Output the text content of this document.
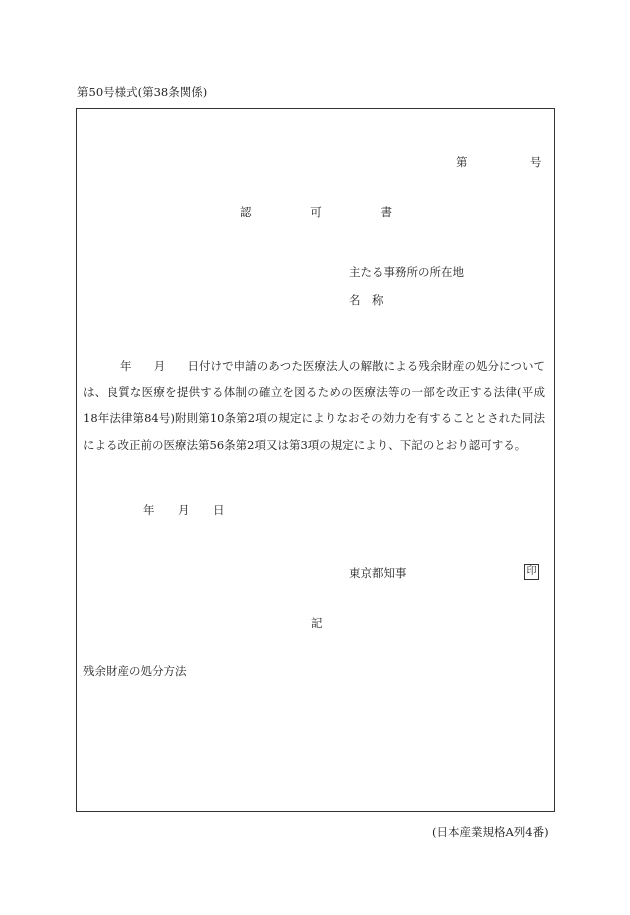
第50号様式(第38条関係)
第	号
認	可	書
主たる事務所の所在地
名　称
年 月 日付けで申請のあつた医療法人の解散による残余財産の処分については、良質な医療を提供する体制の確立を図るための医療法等の一部を改正する法律(平成18年法律第84号)附則第10条第2項の規定によりなおその効力を有することとされた同法による改正前の医療法第56条第2項又は第3項の規定により、下記のとおり認可する。
年 月 日
東京都知事	印
記
残余財産の処分方法
(日本産業規格A列4番)
